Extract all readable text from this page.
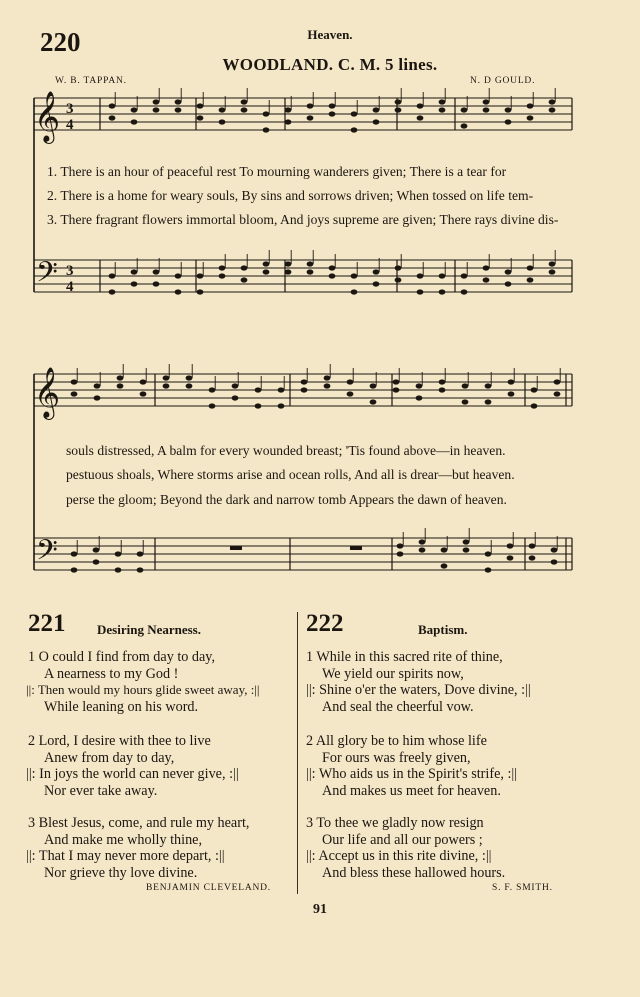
220	Heaven.
WOODLAND. C. M. 5 lines.
W. B. TAPPAN.	N. D GOULD.
𝄞
𝄢
3
4
3
4
1. There is an hour of peaceful rest To mourning wanderers given; There is a tear for
2. There is a home for weary souls, By sins and sorrows driven; When tossed on life tem-
3. There fragrant flowers immortal bloom, And joys supreme are given; There rays divine dis-
𝄞
𝄢
souls distressed, A balm for every wounded breast; 'Tis found above—in heaven.
pestuous shoals, Where storms arise and ocean rolls, And all is drear—but heaven.
perse the gloom; Beyond the dark and narrow tomb Appears the dawn of heaven.
221 Desiring Nearness.
1 O could I find from day to day,
A nearness to my God !
||: Then would my hours glide sweet away, :||
While leaning on his word.
2 Lord, I desire with thee to live
Anew from day to day,
||: In joys the world can never give, :||
Nor ever take away.
3 Blest Jesus, come, and rule my heart,
And make me wholly thine,
||: That I may never more depart, :||
Nor grieve thy love divine.
BENJAMIN CLEVELAND.
222	Baptism.
1 While in this sacred rite of thine,
We yield our spirits now,
||: Shine o'er the waters, Dove divine, :||
And seal the cheerful vow.
2 All glory be to him whose life
For ours was freely given,
||: Who aids us in the Spirit's strife, :||
And makes us meet for heaven.
3 To thee we gladly now resign
Our life and all our powers ;
||: Accept us in this rite divine, :||
And bless these hallowed hours.
S. F. SMITH.
91
